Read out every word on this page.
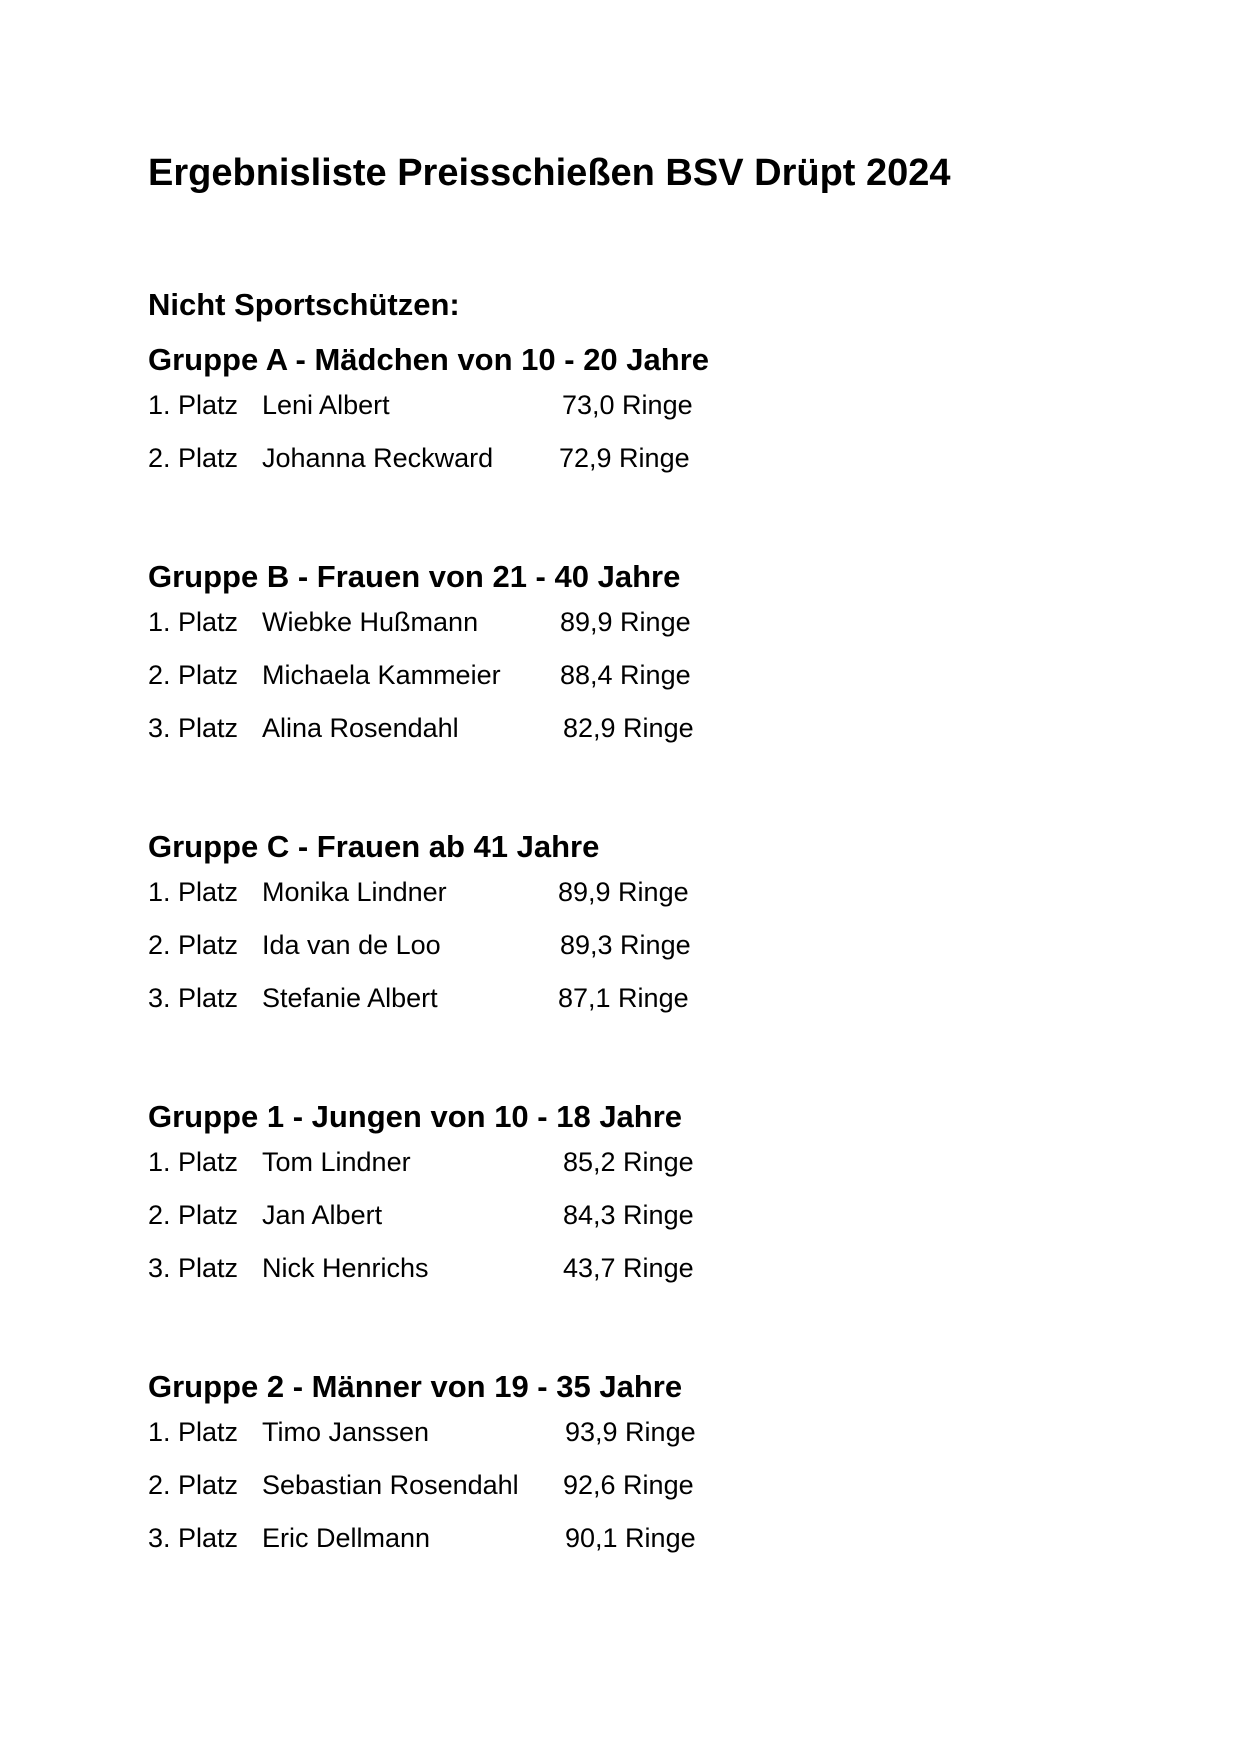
Ergebnisliste Preisschießen BSV Drüpt 2024
Nicht Sportschützen:
Gruppe A - Mädchen von 10 - 20 Jahre
1. Platz Leni Albert	73,0 Ringe
2. Platz Johanna Reckward 72,9 Ringe
Gruppe B - Frauen von 21 - 40 Jahre
1. Platz Wiebke Hußmann	89,9 Ringe
2. Platz Michaela Kammeier 88,4 Ringe
3. Platz Alina Rosendahl	82,9 Ringe
Gruppe C - Frauen ab 41 Jahre
1. Platz Monika Lindner	89,9 Ringe
2. Platz Ida van de Loo	89,3 Ringe
3. Platz Stefanie Albert	87,1 Ringe
Gruppe 1 - Jungen von 10 - 18 Jahre
1. Platz Tom Lindner	85,2 Ringe
2. Platz Jan Albert	84,3 Ringe
3. Platz Nick Henrichs	43,7 Ringe
Gruppe 2 - Männer von 19 - 35 Jahre
1. Platz Timo Janssen	93,9 Ringe
2. Platz Sebastian Rosendahl 92,6 Ringe
3. Platz Eric Dellmann	90,1 Ringe
